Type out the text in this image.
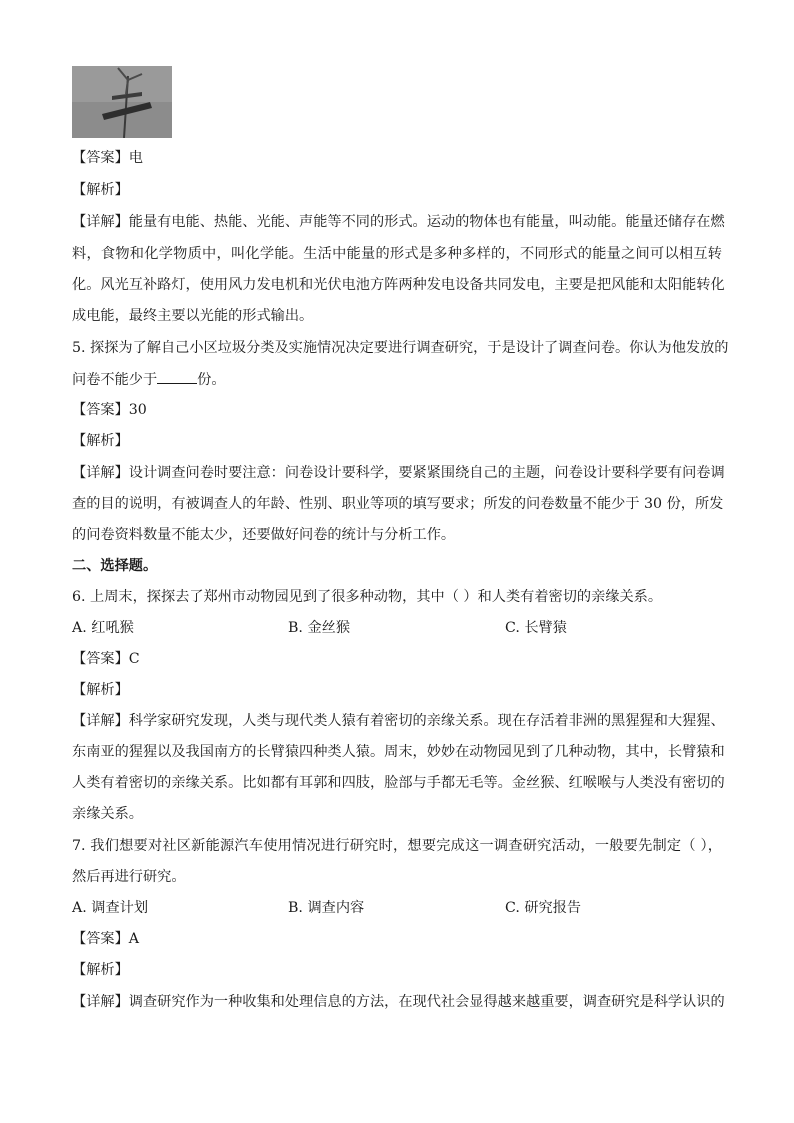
【答案】电
【解析】
【详解】能量有电能、热能、光能、声能等不同的形式。运动的物体也有能量，叫动能。能量还储存在燃
料，食物和化学物质中，叫化学能。生活中能量的形式是多种多样的，不同形式的能量之间可以相互转
化。风光互补路灯，使用风力发电机和光伏电池方阵两种发电设备共同发电，主要是把风能和太阳能转化
成电能，最终主要以光能的形式输出。
5. 探探为了解自己小区垃圾分类及实施情况决定要进行调查研究，于是设计了调查问卷。你认为他发放的
问卷不能少于	份。
【答案】30
【解析】
【详解】设计调查问卷时要注意：问卷设计要科学，要紧紧围绕自己的主题，问卷设计要科学要有问卷调
查的目的说明，有被调查人的年龄、性别、职业等项的填写要求；所发的问卷数量不能少于 30 份，所发
的问卷资料数量不能太少，还要做好问卷的统计与分析工作。
二、选择题。
6. 上周末，探探去了郑州市动物园见到了很多种动物，其中（ ）和人类有着密切的亲缘关系。
A. 红吼猴	B. 金丝猴	C. 长臂猿
【答案】C
【解析】
【详解】科学家研究发现，人类与现代类人猿有着密切的亲缘关系。现在存活着非洲的黑猩猩和大猩猩、
东南亚的猩猩以及我国南方的长臂猿四种类人猿。周末，妙妙在动物园见到了几种动物，其中，长臂猿和
人类有着密切的亲缘关系。比如都有耳郭和四肢，脸部与手都无毛等。金丝猴、红喉喉与人类没有密切的
亲缘关系。
7. 我们想要对社区新能源汽车使用情况进行研究时，想要完成这一调查研究活动，一般要先制定（ ），
然后再进行研究。
A. 调查计划	B. 调查内容	C. 研究报告
【答案】A
【解析】
【详解】调查研究作为一种收集和处理信息的方法，在现代社会显得越来越重要，调查研究是科学认识的
